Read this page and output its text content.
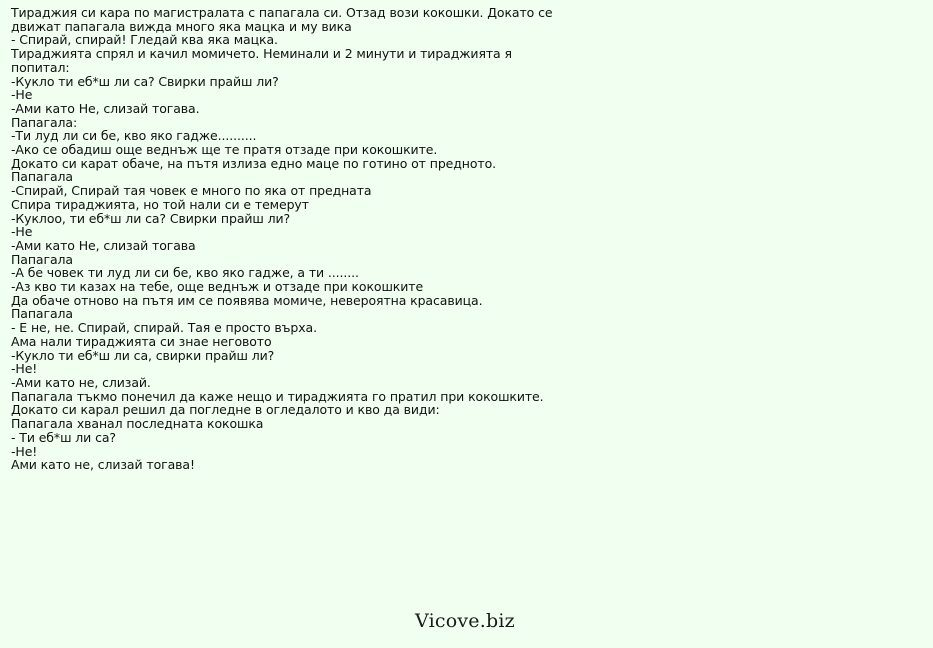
Тираджия си кара по магистралата с папагала си. Отзад вози кокошки. Докато се
движат папагала вижда много яка мацка и му вика
- Спирай, спирай! Гледай ква яка мацка.
Тираджията спрял и качил момичето. Неминали и 2 минути и тираджията я
попитал:
-Кукло ти еб*ш ли са? Свирки прайш ли?
-Не
-Ами като Не, слизай тогава.
Папагала:
-Ти луд ли си бе, кво яко гадже..........
-Ако се обадиш още веднъж ще те пратя отзаде при кокошките.
Докато си карат обаче, на пътя излиза едно маце по готино от предното.
Папагала
-Спирай, Спирай тая човек е много по яка от предната
Спира тираджията, но той нали си е темерут
-Куклоо, ти еб*ш ли са? Свирки прайш ли?
-Не
-Ами като Не, слизай тогава
Папагала
-А бе човек ти луд ли си бе, кво яко гадже, а ти ........
-Аз кво ти казах на тебе, още веднъж и отзаде при кокошките
Да обаче отново на пътя им се появява момиче, невероятна красавица.
Папагала
- Е не, не. Спирай, спирай. Тая е просто върха.
Ама нали тираджията си знае неговото
-Кукло ти еб*ш ли са, свирки прайш ли?
-Не!
-Ами като не, слизай.
Папагала тъкмо понечил да каже нещо и тираджията го пратил при кокошките.
Докато си карал решил да погледне в огледалото и кво да види:
Папагала хванал последната кокошка
- Ти еб*ш ли са?
-Не!
Ами като не, слизай тогава!
Vicove.biz
